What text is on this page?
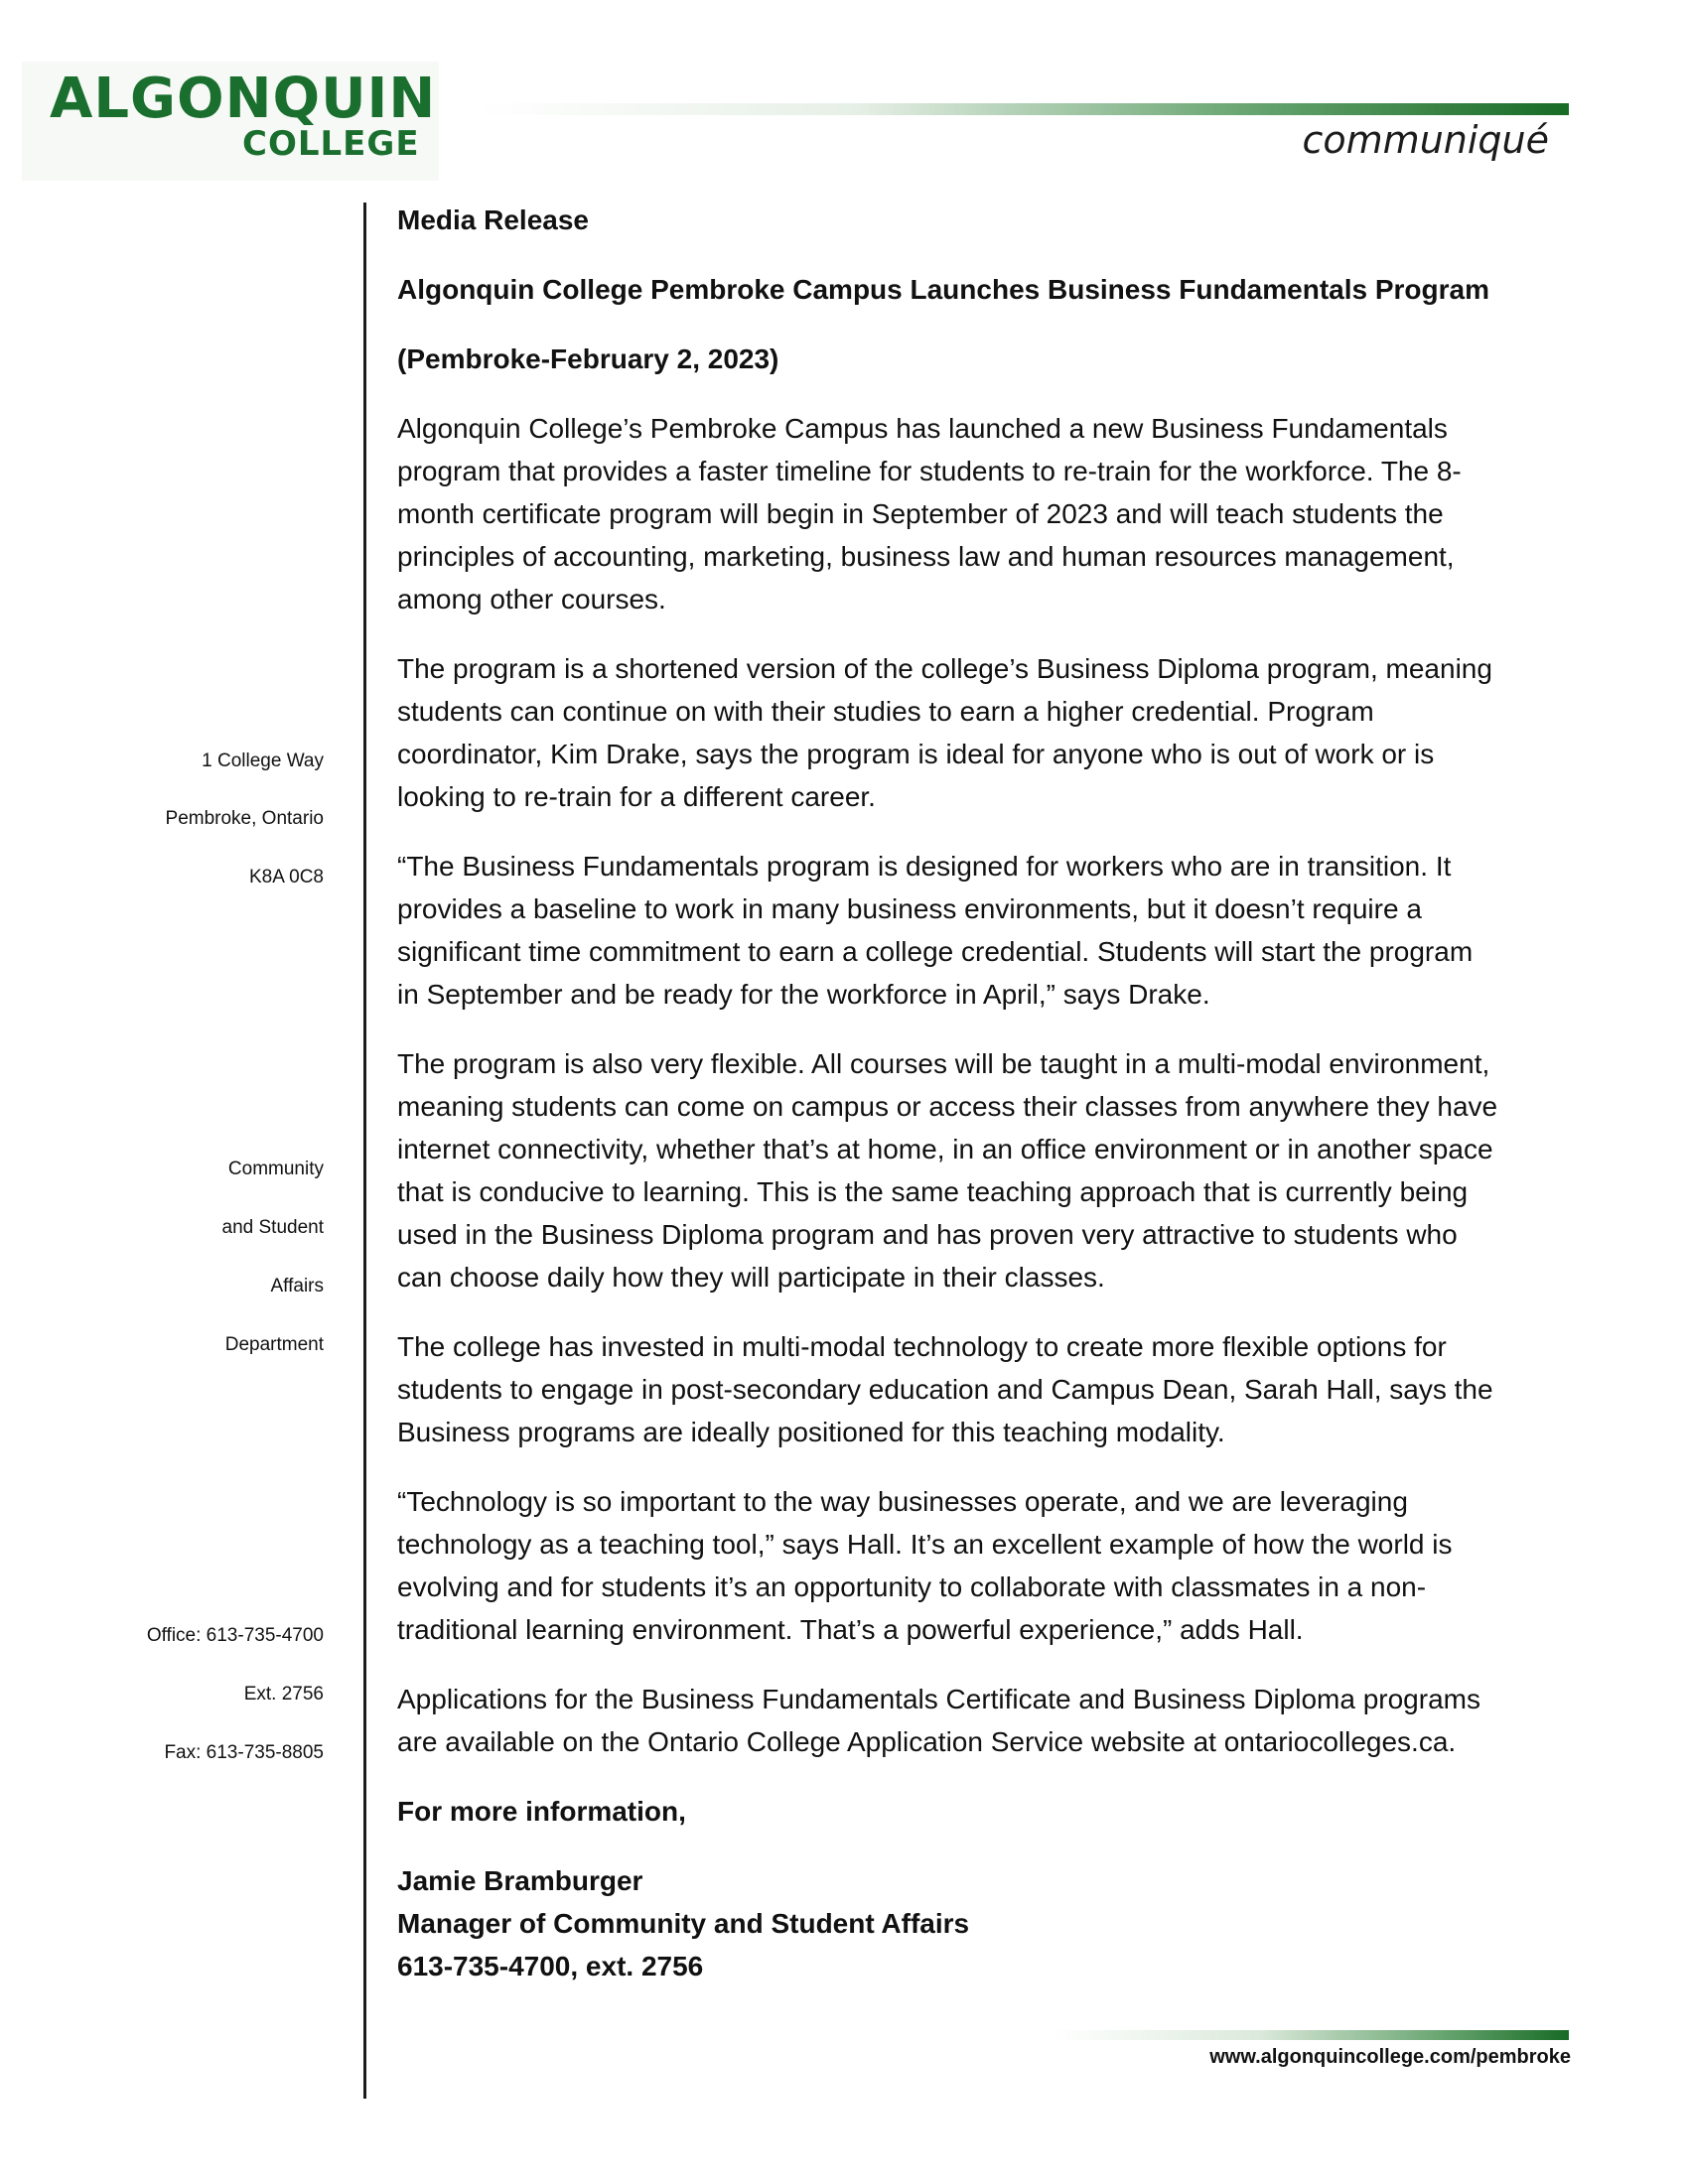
ALGONQUIN
COLLEGE	communiqué
1 College Way
Pembroke, Ontario
K8A 0C8
Community
and Student
Affairs
Department
Office: 613-735-4700
Ext. 2756
Fax: 613-735-8805

Media Release

Algonquin College Pembroke Campus Launches Business Fundamentals Program

(Pembroke-February 2, 2023)

Algonquin College’s Pembroke Campus has launched a new Business Fundamentals program that provides a faster timeline for students to re-train for the workforce. The 8-month certificate program will begin in September of 2023 and will teach students the principles of accounting, marketing, business law and human resources management, among other courses.

The program is a shortened version of the college’s Business Diploma program, meaning students can continue on with their studies to earn a higher credential. Program coordinator, Kim Drake, says the program is ideal for anyone who is out of work or is looking to re-train for a different career.

“The Business Fundamentals program is designed for workers who are in transition. It provides a baseline to work in many business environments, but it doesn’t require a significant time commitment to earn a college credential. Students will start the program in September and be ready for the workforce in April,” says Drake.

The program is also very flexible. All courses will be taught in a multi-modal environment, meaning students can come on campus or access their classes from anywhere they have internet connectivity, whether that’s at home, in an office environment or in another space that is conducive to learning. This is the same teaching approach that is currently being used in the Business Diploma program and has proven very attractive to students who can choose daily how they will participate in their classes.

The college has invested in multi-modal technology to create more flexible options for students to engage in post-secondary education and Campus Dean, Sarah Hall, says the Business programs are ideally positioned for this teaching modality.

“Technology is so important to the way businesses operate, and we are leveraging technology as a teaching tool,” says Hall. It’s an excellent example of how the world is evolving and for students it’s an opportunity to collaborate with classmates in a non-traditional learning environment. That’s a powerful experience,” adds Hall.

Applications for the Business Fundamentals Certificate and Business Diploma programs are available on the Ontario College Application Service website at ontariocolleges.ca.

For more information,

Jamie Bramburger
Manager of Community and Student Affairs
613-735-4700, ext. 2756
www.algonquincollege.com/pembroke
